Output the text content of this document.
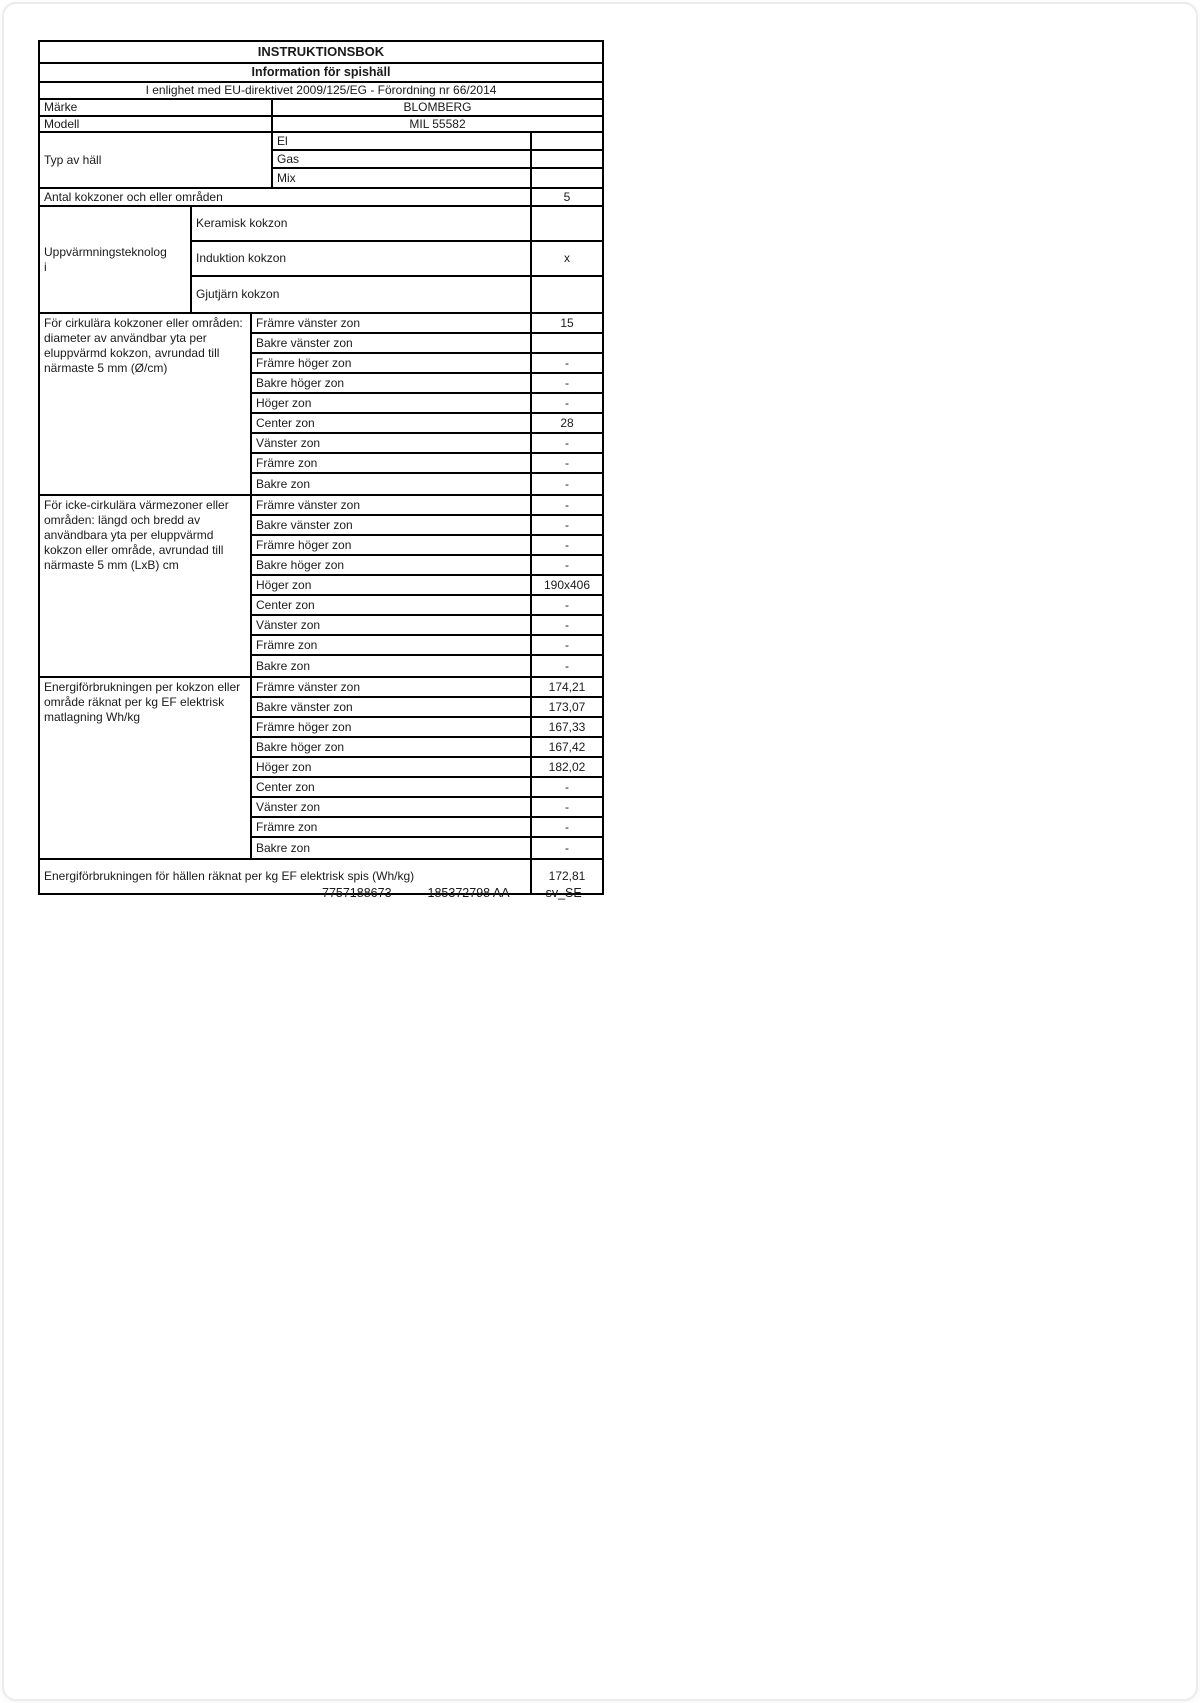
INSTRUKTIONSBOK
Information för spishäll
I enlighet med EU-direktivet 2009/125/EG - Förordning nr 66/2014
Märke	BLOMBERG
Modell	MIL 55582
Typ av häll
El
Gas
Mix
Antal kokzoner och eller områden	5
Uppvärmningsteknologi
Keramisk kokzon
Induktion kokzon	x
Gjutjärn kokzon
För cirkulära kokzoner eller områden: diameter av användbar yta per eluppvärmd kokzon, avrundad till närmaste 5 mm (Ø/cm)
Främre vänster zon	15
Bakre vänster zon
Främre höger zon	-
Bakre höger zon	-
Höger zon	-
Center zon	28
Vänster zon	-
Främre zon	-
Bakre zon	-
För icke-cirkulära värmezoner eller områden: längd och bredd av användbara yta per eluppvärmd kokzon eller område, avrundad till närmaste 5 mm (LxB) cm
Främre vänster zon	-
Bakre vänster zon	-
Främre höger zon	-
Bakre höger zon	-
Höger zon	190x406
Center zon	-
Vänster zon	-
Främre zon	-
Bakre zon	-
Energiförbrukningen per kokzon eller område räknat per kg EF elektrisk matlagning Wh/kg
Främre vänster zon	174,21
Bakre vänster zon	173,07
Främre höger zon	167,33
Bakre höger zon	167,42
Höger zon	182,02
Center zon	-
Vänster zon	-
Främre zon	-
Bakre zon	-
Energiförbrukningen för hällen räknat per kg EF elektrisk spis (Wh/kg)	172,81
7757188673	185372798 AA	sv_SE
